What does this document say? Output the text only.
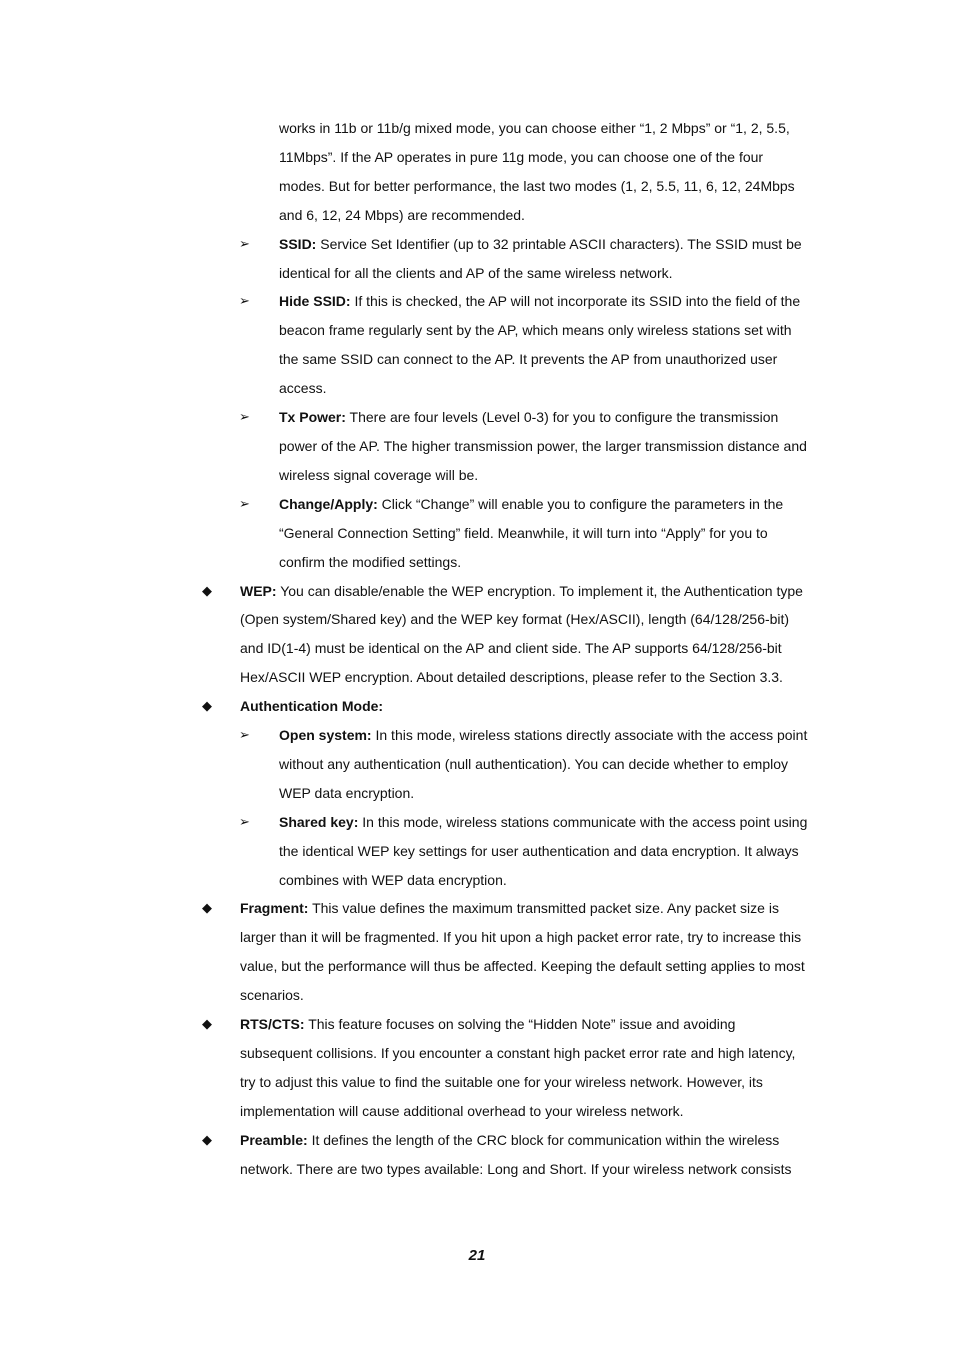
works in 11b or 11b/g mixed mode, you can choose either “1, 2 Mbps” or “1, 2, 5.5, 11Mbps”. If the AP operates in pure 11g mode, you can choose one of the four modes. But for better performance, the last two modes (1, 2, 5.5, 11, 6, 12, 24Mbps and 6, 12, 24 Mbps) are recommended.

➢ SSID: Service Set Identifier (up to 32 printable ASCII characters). The SSID must be identical for all the clients and AP of the same wireless network.

➢ Hide SSID: If this is checked, the AP will not incorporate its SSID into the field of the beacon frame regularly sent by the AP, which means only wireless stations set with the same SSID can connect to the AP. It prevents the AP from unauthorized user access.

➢ Tx Power: There are four levels (Level 0-3) for you to configure the transmission power of the AP. The higher transmission power, the larger transmission distance and wireless signal coverage will be.

➢ Change/Apply: Click “Change” will enable you to configure the parameters in the “General Connection Setting” field. Meanwhile, it will turn into “Apply” for you to confirm the modified settings.

◆ WEP: You can disable/enable the WEP encryption. To implement it, the Authentication type (Open system/Shared key) and the WEP key format (Hex/ASCII), length (64/128/256-bit) and ID(1-4) must be identical on the AP and client side. The AP supports 64/128/256-bit Hex/ASCII WEP encryption. About detailed descriptions, please refer to the Section 3.3.

◆ Authentication Mode:

➢ Open system: In this mode, wireless stations directly associate with the access point without any authentication (null authentication). You can decide whether to employ WEP data encryption.

➢ Shared key: In this mode, wireless stations communicate with the access point using the identical WEP key settings for user authentication and data encryption. It always combines with WEP data encryption.

◆ Fragment: This value defines the maximum transmitted packet size. Any packet size is larger than it will be fragmented. If you hit upon a high packet error rate, try to increase this value, but the performance will thus be affected. Keeping the default setting applies to most scenarios.

◆ RTS/CTS: This feature focuses on solving the “Hidden Note” issue and avoiding subsequent collisions. If you encounter a constant high packet error rate and high latency, try to adjust this value to find the suitable one for your wireless network. However, its implementation will cause additional overhead to your wireless network.

◆ Preamble: It defines the length of the CRC block for communication within the wireless network. There are two types available: Long and Short. If your wireless network consists

21
